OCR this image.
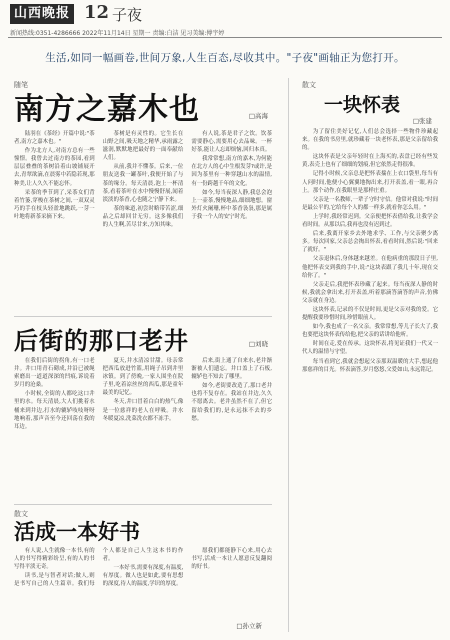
山西晚报 12 子夜
新闻热线:0351-4286666 2022年11月14日 星期一 责编:白洁 见习美编:傅宇婷
生活,如同一幅画卷,世间万象,人生百态,尽收其中。"子夜"画轴正为您打开。
随笔
南方之嘉木也	□高海

陆羽在《茶经》开篇中说:"茶者,南方之嘉木也。"

作为北方人,对南方总有一些憧憬。我曾去过南方的茶园,看到层层叠叠的茶树沿着山坡铺展开去,青翠欲滴,在晨雾中若隐若现,那种美,让人久久不能忘怀。

采茶的季节到了,采茶女们背着竹篓,穿梭在茶树之间,一双双灵巧的手在枝头轻盈地跳跃,一芽一叶地将新茶采摘下来。

茶树是有灵性的。它生长在山野之间,吸天地之精华,承雨露之滋润,默默地把最好的一面奉献给人们。

从前,我并不懂茶。后来,一位朋友送我一罐茶叶,我便开始了与茶的缘分。每天清晨,泡上一杯清茶,看着茶叶在水中慢慢舒展,闻着淡淡的茶香,心也随之宁静下来。

茶的味道,初尝时略带苦涩,细品之后却回甘无穷。这多像我们的人生啊,苦尽甘来,方知其味。

有人说,茶是君子之饮。饮茶需要静心,需要用心去品味。一杯好茶,能让人忘却烦恼,回归本真。

我常常想,南方的嘉木,为何能在北方人的心中生根发芽?或许,是因为茶里有一种穿越山水的温情,有一份跨越千年的文化。

如今,每当夜深人静,我总会泡上一壶茶,慢慢地品,细细地想。窗外灯火阑珊,杯中茶香袅袅,那是属于我一个人的安宁时光。

后街的那口老井	□刘晓

在我们后街的拐角,有一口老井。井口用青石砌成,井沿已被绳索磨出一道道深深的凹痕,诉说着岁月的沧桑。

小时候,全街的人都吃这口井里的水。每天清晨,大人们挑着水桶来到井边,打水的辘轳吱吱呀呀地响着,那声音至今还回荡在我的耳边。

夏天,井水清凉甘甜。母亲常把西瓜放进竹篮,用绳子吊到井里冰镇。到了傍晚,一家人围坐在院子里,吃着凉丝丝的西瓜,那是童年最美的记忆。

冬天,井口冒着白白的热气,像是一位慈祥的老人在呼吸。井水冬暖夏凉,洗菜洗衣都不冻手。

后来,街上通了自来水,老井渐渐被人们遗忘。井口盖上了石板,辘轳也不知去了哪里。

如今,老街要改造了,那口老井也将不复存在。我站在井边,久久不愿离去。老井虽然不在了,但它留给我们的,是永远抹不去的乡愁。

散文
活成一本好书

有人说,人生就像一本书,有的人的书写得精彩纷呈,有的人的书写得平淡无奇。

读书,是与智者对话;做人,则是书写自己的人生篇章。我们每个人都是自己人生这本书的作者。

一本好书,需要有深度,有温度,有厚度。做人也是如此,要有思想的深度,待人的温度,学识的厚度。

愿我们都能静下心来,用心去书写,活成一本让人愿意反复翻阅的好书。

□孙立新
散文
一块怀表
□张建

为了留住美好记忆,人们总会选择一些物件珍藏起来。在我的书房里,就珍藏着一块老怀表,那是父亲留给我的。

这块怀表是父亲年轻时在上海买的,表盘已经有些发黄,表壳上也有了细细的划痕,但它依然走得很准。

记得小时候,父亲总是把怀表揣在上衣口袋里,每当有人问时间,他便小心翼翼地掏出来,打开表盖,看一眼,再合上。那个动作,在我眼里是那样庄重。

父亲是一名教师,一辈子守时守信。他常对我说:"时间是最公平的,它给每个人的都一样多,就看你怎么用。"

上学时,我经常迟到。父亲便把怀表借给我,让我学会看时间。从那以后,我再也没有迟到过。

后来,我离开家乡去外地求学、工作,与父亲聚少离多。每次回家,父亲总会掏出怀表,看看时间,然后说:"回来了就好。"

父亲退休后,身体越来越差。在他病重的那段日子里,他把怀表交到我的手中,说:"这块表跟了我几十年,现在交给你了。"

父亲走后,我把怀表珍藏了起来。每当夜深人静的时候,我就会拿出来,打开表盖,听着那滴答滴答的声音,仿佛父亲就在身边。

这块怀表,记录的不仅是时间,更是父亲对我的爱。它提醒我要珍惜时间,珍惜眼前人。

如今,我也成了一名父亲。我常常想,等儿子长大了,我也要把这块怀表传给他,把父亲的话讲给他听。

时间在走,爱在传承。这块怀表,将见证我们一代又一代人的温情与守望。

每当看到它,我就会想起父亲那双温暖的大手,想起他那慈祥的目光。怀表滴答,岁月悠悠,父爱如山,永远铭记。
